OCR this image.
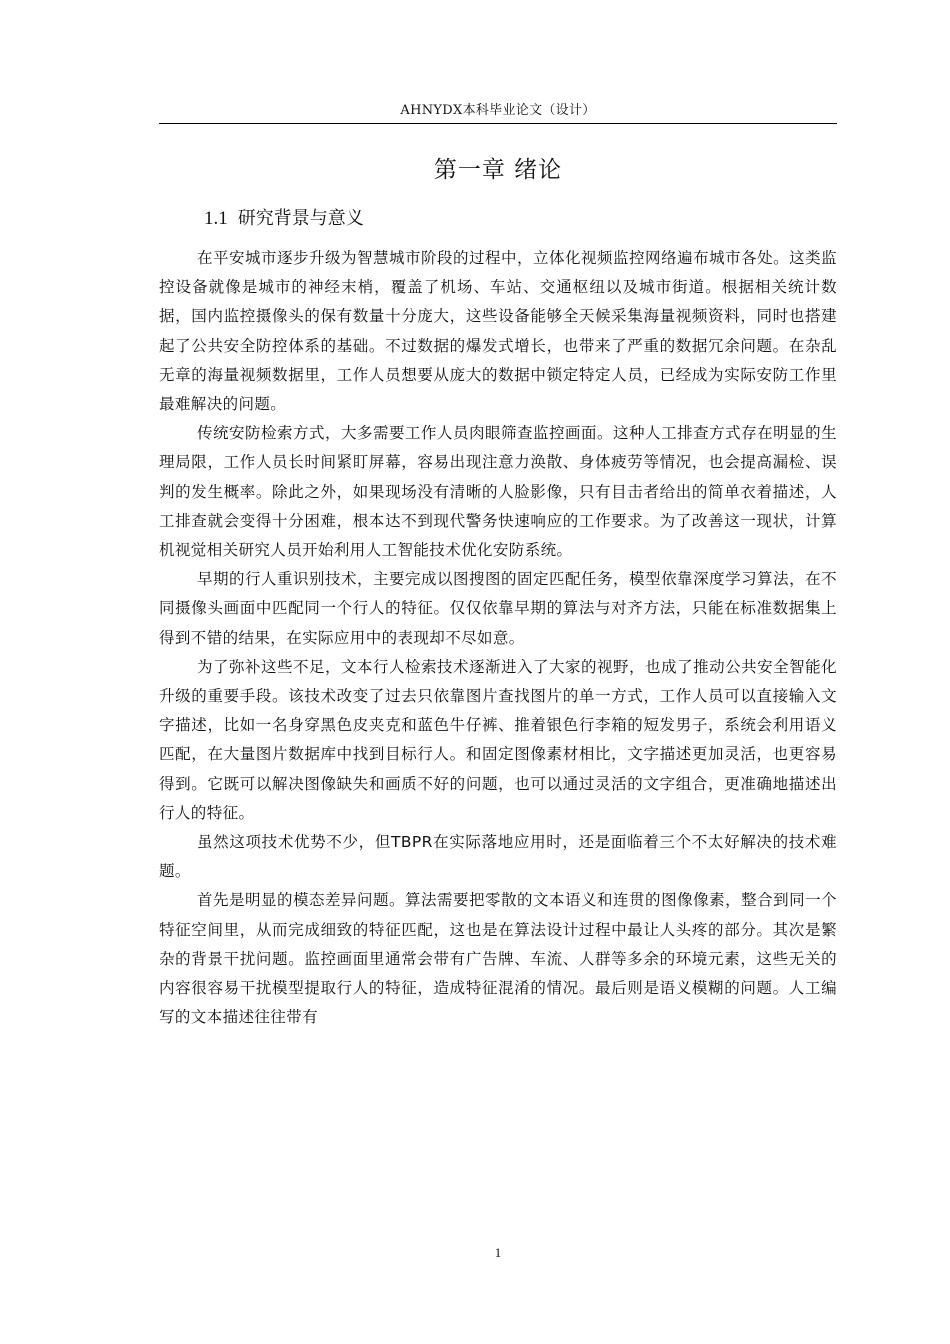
AHNYDX本科毕业论文（设计）
第一章 绪论
1.1 研究背景与意义

在平安城市逐步升级为智慧城市阶段的过程中，立体化视频监控网络遍布城市各处。这类监控设备就像是城市的神经末梢，覆盖了机场、车站、交通枢纽以及城市街道。根据相关统计数据，国内监控摄像头的保有数量十分庞大，这些设备能够全天候采集海量视频资料，同时也搭建起了公共安全防控体系的基础。不过数据的爆发式增长，也带来了严重的数据冗余问题。在杂乱无章的海量视频数据里，工作人员想要从庞大的数据中锁定特定人员，已经成为实际安防工作里最难解决的问题。

传统安防检索方式，大多需要工作人员肉眼筛查监控画面。这种人工排查方式存在明显的生理局限，工作人员长时间紧盯屏幕，容易出现注意力涣散、身体疲劳等情况，也会提高漏检、误判的发生概率。除此之外，如果现场没有清晰的人脸影像，只有目击者给出的简单衣着描述，人工排查就会变得十分困难，根本达不到现代警务快速响应的工作要求。为了改善这一现状，计算机视觉相关研究人员开始利用人工智能技术优化安防系统。

早期的行人重识别技术，主要完成以图搜图的固定匹配任务，模型依靠深度学习算法，在不同摄像头画面中匹配同一个行人的特征。仅仅依靠早期的算法与对齐方法，只能在标准数据集上得到不错的结果，在实际应用中的表现却不尽如意。

为了弥补这些不足，文本行人检索技术逐渐进入了大家的视野，也成了推动公共安全智能化升级的重要手段。该技术改变了过去只依靠图片查找图片的单一方式，工作人员可以直接输入文字描述，比如一名身穿黑色皮夹克和蓝色牛仔裤、推着银色行李箱的短发男子，系统会利用语义匹配，在大量图片数据库中找到目标行人。和固定图像素材相比，文字描述更加灵活，也更容易得到。它既可以解决图像缺失和画质不好的问题，也可以通过灵活的文字组合，更准确地描述出行人的特征。

虽然这项技术优势不少，但TBPR在实际落地应用时，还是面临着三个不太好解决的技术难题。

首先是明显的模态差异问题。算法需要把零散的文本语义和连贯的图像像素，整合到同一个特征空间里，从而完成细致的特征匹配，这也是在算法设计过程中最让人头疼的部分。其次是繁杂的背景干扰问题。监控画面里通常会带有广告牌、车流、人群等多余的环境元素，这些无关的内容很容易干扰模型提取行人的特征，造成特征混淆的情况。最后则是语义模糊的问题。人工编写的文本描述往往带有

1
